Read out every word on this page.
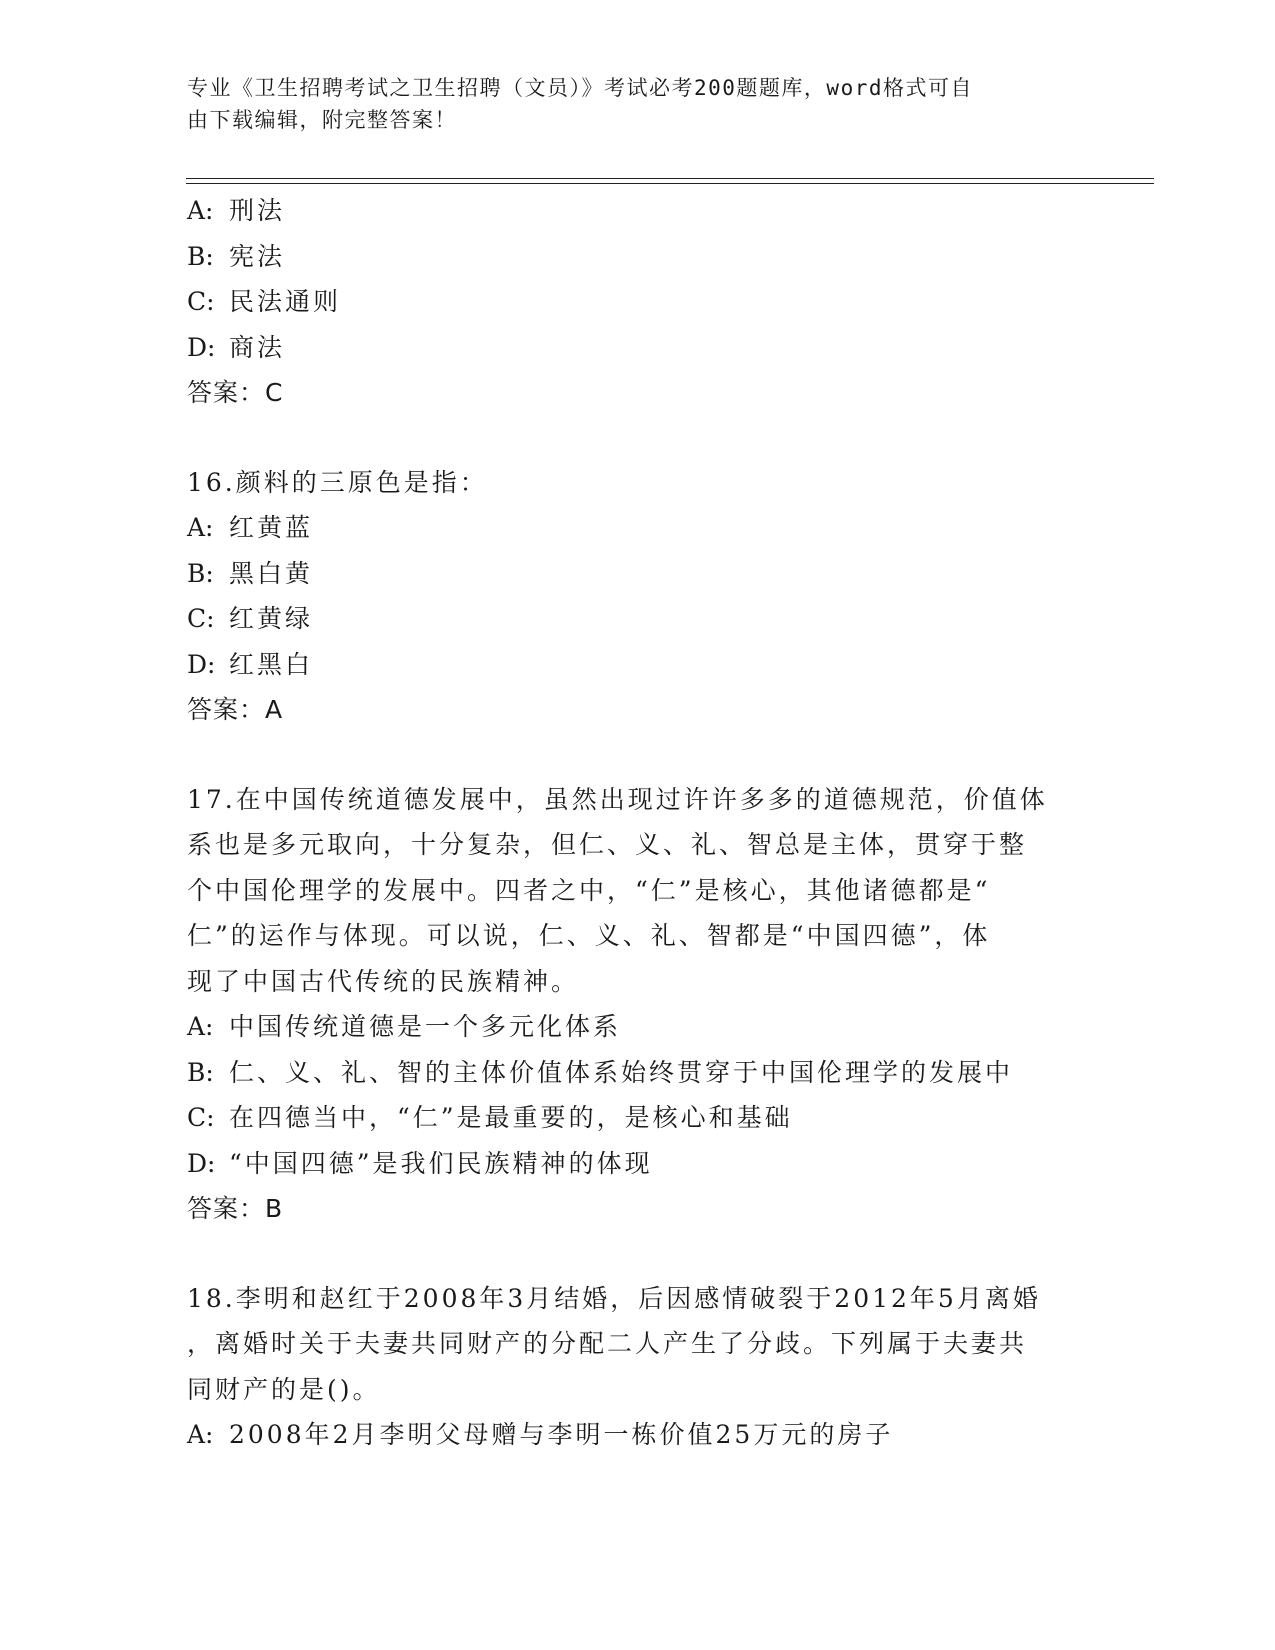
专业《卫生招聘考试之卫生招聘（文员）》考试必考200题题库，word格式可自
由下载编辑，附完整答案！
A: 刑法
B: 宪法
C: 民法通则
D: 商法
答案：C
16.颜料的三原色是指：
A: 红黄蓝
B: 黑白黄
C: 红黄绿
D: 红黑白
答案：A
17.在中国传统道德发展中，虽然出现过许许多多的道德规范，价值体
系也是多元取向，十分复杂，但仁、义、礼、智总是主体，贯穿于整
个中国伦理学的发展中。四者之中，“仁”是核心，其他诸德都是“
仁”的运作与体现。可以说，仁、义、礼、智都是“中国四德”，体
现了中国古代传统的民族精神。
A: 中国传统道德是一个多元化体系
B: 仁、义、礼、智的主体价值体系始终贯穿于中国伦理学的发展中
C: 在四德当中，“仁”是最重要的，是核心和基础
D: “中国四德”是我们民族精神的体现
答案：B
18.李明和赵红于2008年3月结婚，后因感情破裂于2012年5月离婚
，离婚时关于夫妻共同财产的分配二人产生了分歧。下列属于夫妻共
同财产的是()。
A: 2008年2月李明父母赠与李明一栋价值25万元的房子
